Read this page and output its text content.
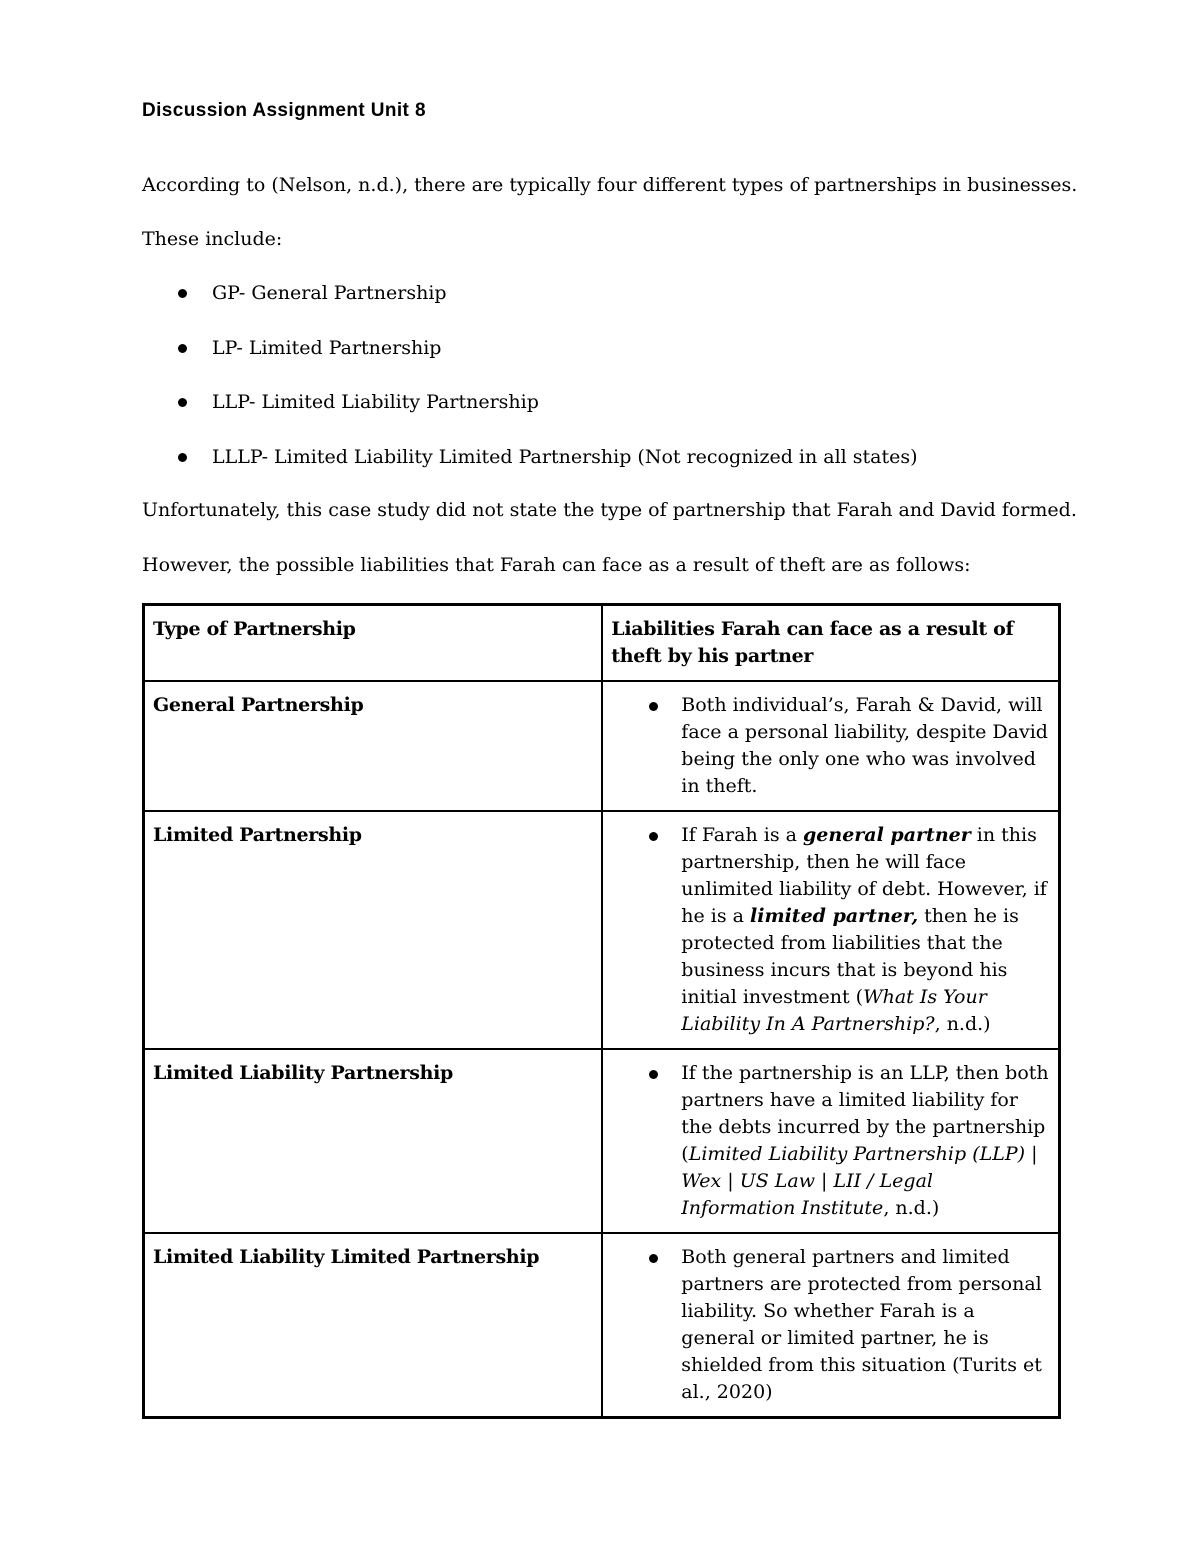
Discussion Assignment Unit 8

According to (Nelson, n.d.), there are typically four different types of partnerships in businesses.

These include:

GP- General Partnership
LP- Limited Partnership
LLP- Limited Liability Partnership
LLLP- Limited Liability Limited Partnership (Not recognized in all states)

Unfortunately, this case study did not state the type of partnership that Farah and David formed.

However, the possible liabilities that Farah can face as a result of theft are as follows:

Type of Partnership	Liabilities Farah can face as a result of theft by his partner
General Partnership	Both individual’s, Farah & David, will face a personal liability, despite David being the only one who was involved in theft.

Limited Partnership	If Farah is a general partner in this partnership, then he will face unlimited liability of debt. However, if he is a limited partner, then he is protected from liabilities that the business incurs that is beyond his initial investment (What Is Your Liability In A Partnership?, n.d.)

Limited Liability Partnership	If the partnership is an LLP, then both partners have a limited liability for the debts incurred by the partnership (Limited Liability Partnership (LLP) | Wex | US Law | LII / Legal Information Institute, n.d.)

Limited Liability Limited Partnership	Both general partners and limited partners are protected from personal liability. So whether Farah is a general or limited partner, he is shielded from this situation (Turits et al., 2020)
